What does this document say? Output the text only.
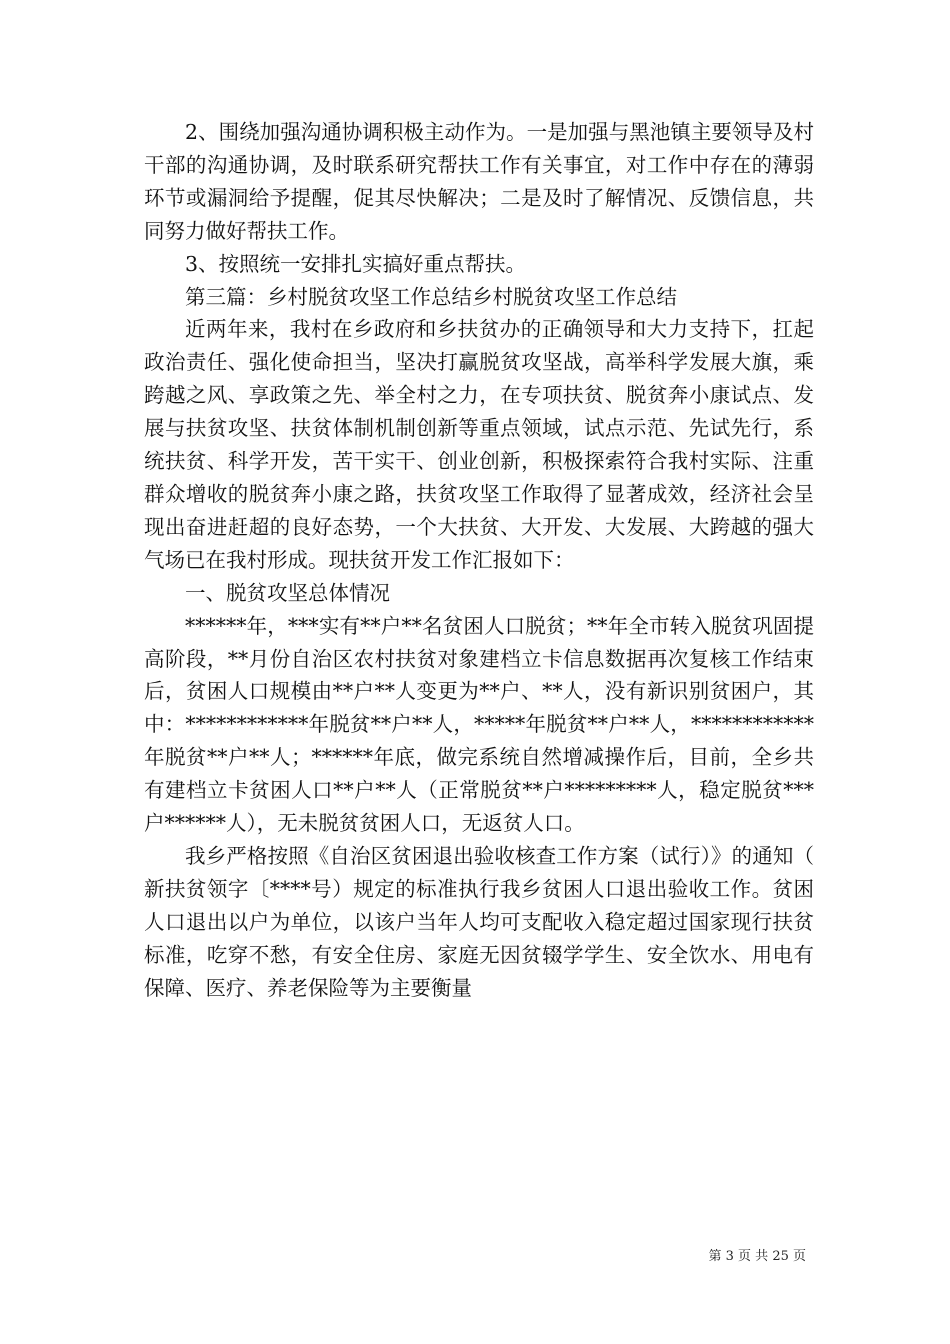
2、围绕加强沟通协调积极主动作为。一是加强与黑池镇主要领导及村干部的沟通协调，及时联系研究帮扶工作有关事宜，对工作中存在的薄弱环节或漏洞给予提醒，促其尽快解决；二是及时了解情况、反馈信息，共同努力做好帮扶工作。

3、按照统一安排扎实搞好重点帮扶。

第三篇：乡村脱贫攻坚工作总结乡村脱贫攻坚工作总结

近两年来，我村在乡政府和乡扶贫办的正确领导和大力支持下，扛起政治责任、强化使命担当，坚决打赢脱贫攻坚战，高举科学发展大旗，乘跨越之风、享政策之先、举全村之力，在专项扶贫、脱贫奔小康试点、发展与扶贫攻坚、扶贫体制机制创新等重点领域，试点示范、先试先行，系统扶贫、科学开发，苦干实干、创业创新，积极探索符合我村实际、注重群众增收的脱贫奔小康之路，扶贫攻坚工作取得了显著成效，经济社会呈现出奋进赶超的良好态势，一个大扶贫、大开发、大发展、大跨越的强大气场已在我村形成。现扶贫开发工作汇报如下：

一、脱贫攻坚总体情况

******年，***实有**户**名贫困人口脱贫；**年全市转入脱贫巩固提高阶段，**月份自治区农村扶贫对象建档立卡信息数据再次复核工作结束后，贫困人口规模由**户**人变更为**户、**人，没有新识别贫困户，其中：************年脱贫**户**人，*****年脱贫**户**人，************年脱贫**户**人；******年底，做完系统自然增减操作后，目前，全乡共有建档立卡贫困人口**户**人（正常脱贫**户*********人，稳定脱贫***户******人），无未脱贫贫困人口，无返贫人口。

我乡严格按照《自治区贫困退出验收核查工作方案（试行）》的通知（新扶贫领字〔****号）规定的标准执行我乡贫困人口退出验收工作。贫困人口退出以户为单位，以该户当年人均可支配收入稳定超过国家现行扶贫标准，吃穿不愁，有安全住房、家庭无因贫辍学学生、安全饮水、用电有保障、医疗、养老保险等为主要衡量

第 3 页 共 25 页
